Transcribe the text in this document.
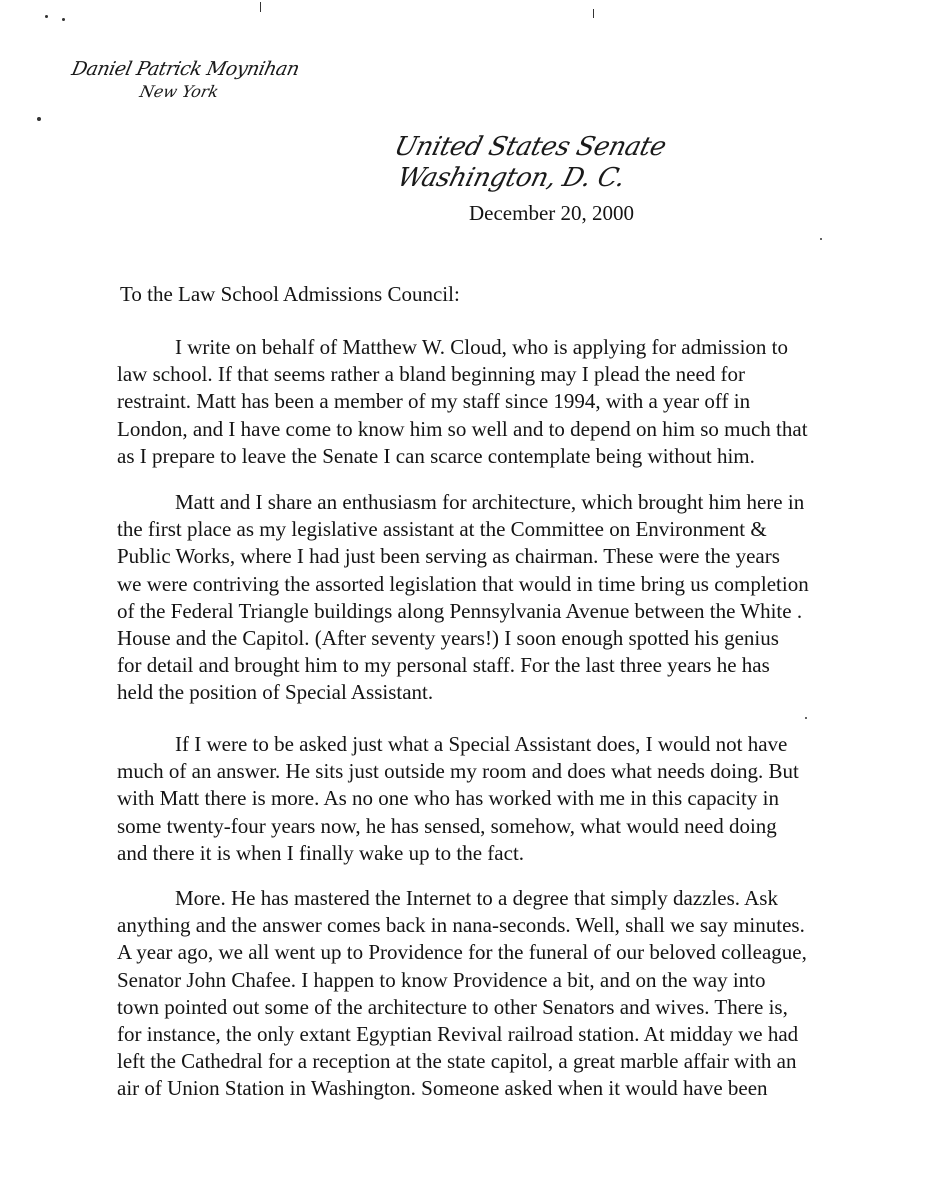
Daniel Patrick Moynihan
New York
United States Senate
Washington, D. C.
December 20, 2000
To the Law School Admissions Council:
I write on behalf of Matthew W. Cloud, who is applying for admission to
law school. If that seems rather a bland beginning may I plead the need for
restraint. Matt has been a member of my staff since 1994, with a year off in
London, and I have come to know him so well and to depend on him so much that
as I prepare to leave the Senate I can scarce contemplate being without him.
Matt and I share an enthusiasm for architecture, which brought him here in
the first place as my legislative assistant at the Committee on Environment &
Public Works, where I had just been serving as chairman. These were the years
we were contriving the assorted legislation that would in time bring us completion
of the Federal Triangle buildings along Pennsylvania Avenue between the White .
House and the Capitol. (After seventy years!) I soon enough spotted his genius
for detail and brought him to my personal staff. For the last three years he has
held the position of Special Assistant.
If I were to be asked just what a Special Assistant does, I would not have
much of an answer. He sits just outside my room and does what needs doing. But
with Matt there is more. As no one who has worked with me in this capacity in
some twenty-four years now, he has sensed, somehow, what would need doing
and there it is when I finally wake up to the fact.
More. He has mastered the Internet to a degree that simply dazzles. Ask
anything and the answer comes back in nana-seconds. Well, shall we say minutes.
A year ago, we all went up to Providence for the funeral of our beloved colleague,
Senator John Chafee. I happen to know Providence a bit, and on the way into
town pointed out some of the architecture to other Senators and wives. There is,
for instance, the only extant Egyptian Revival railroad station. At midday we had
left the Cathedral for a reception at the state capitol, a great marble affair with an
air of Union Station in Washington. Someone asked when it would have been
